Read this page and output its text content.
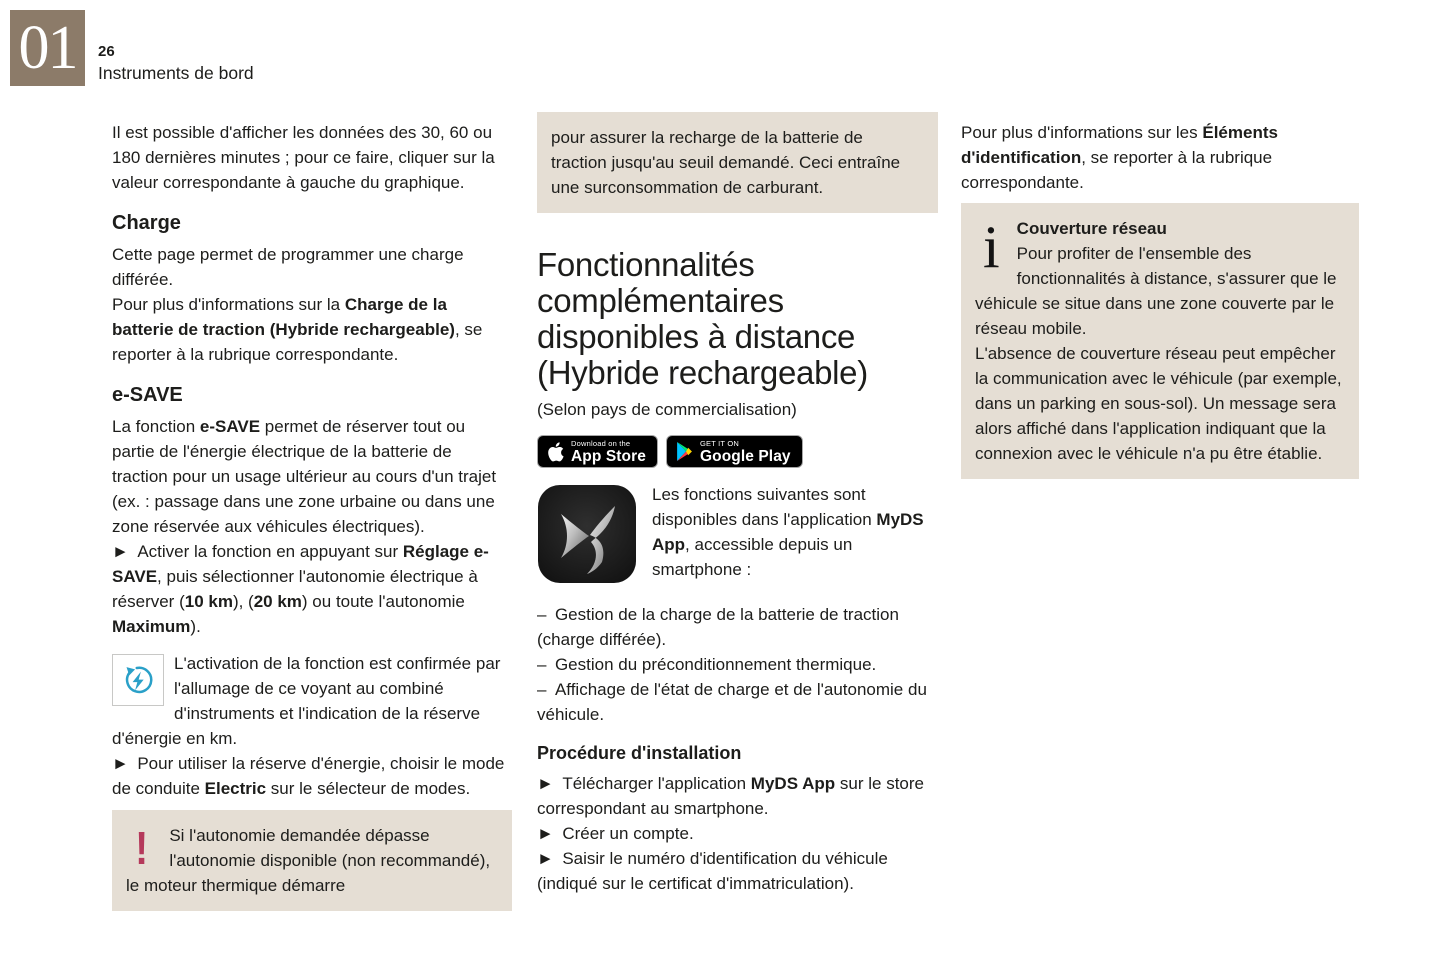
01 26
Instruments de bord

Il est possible d'afficher les données des 30, 60 ou 180 dernières minutes ; pour ce faire, cliquer sur la valeur correspondante à gauche du graphique.

Charge

Cette page permet de programmer une charge différée.

Pour plus d'informations sur la Charge de la batterie de traction (Hybride rechargeable), se reporter à la rubrique correspondante.

e-SAVE

La fonction e-SAVE permet de réserver tout ou partie de l'énergie électrique de la batterie de traction pour un usage ultérieur au cours d'un trajet (ex. : passage dans une zone urbaine ou dans une zone réservée aux véhicules électriques).

► Activer la fonction en appuyant sur Réglage e-SAVE, puis sélectionner l'autonomie électrique à réserver (10 km), (20 km) ou toute l'autonomie Maximum).

L'activation de la fonction est confirmée par l'allumage de ce voyant au combiné d'instruments et l'indication de la réserve d'énergie en km.

► Pour utiliser la réserve d'énergie, choisir le mode de conduite Electric sur le sélecteur de modes.

! Si l'autonomie demandée dépasse l'autonomie disponible (non recommandé), le moteur thermique démarre
pour assurer la recharge de la batterie de traction jusqu'au seuil demandé. Ceci entraîne une surconsommation de carburant.
Fonctionnalités complémentaires disponibles à distance (Hybride rechargeable)

(Selon pays de commercialisation)

Download on the
App Store
GET IT ON
Google Play
Les fonctions suivantes sont disponibles dans l'application MyDS App, accessible depuis un smartphone :

– Gestion de la charge de la batterie de traction (charge différée).

– Gestion du préconditionnement thermique.

– Affichage de l'état de charge et de l'autonomie du véhicule.

Procédure d'installation

► Télécharger l'application MyDS App sur le store correspondant au smartphone.

► Créer un compte.

► Saisir le numéro d'identification du véhicule (indiqué sur le certificat d'immatriculation).

Pour plus d'informations sur les Éléments d'identification, se reporter à la rubrique correspondante.

i	Couverture réseau
Pour profiter de l'ensemble des fonctionnalités à distance, s'assurer que le véhicule se situe dans une zone couverte par le réseau mobile.
L'absence de couverture réseau peut empêcher la communication avec le véhicule (par exemple, dans un parking en sous-sol). Un message sera alors affiché dans l'application indiquant que la connexion avec le véhicule n'a pu être établie.
